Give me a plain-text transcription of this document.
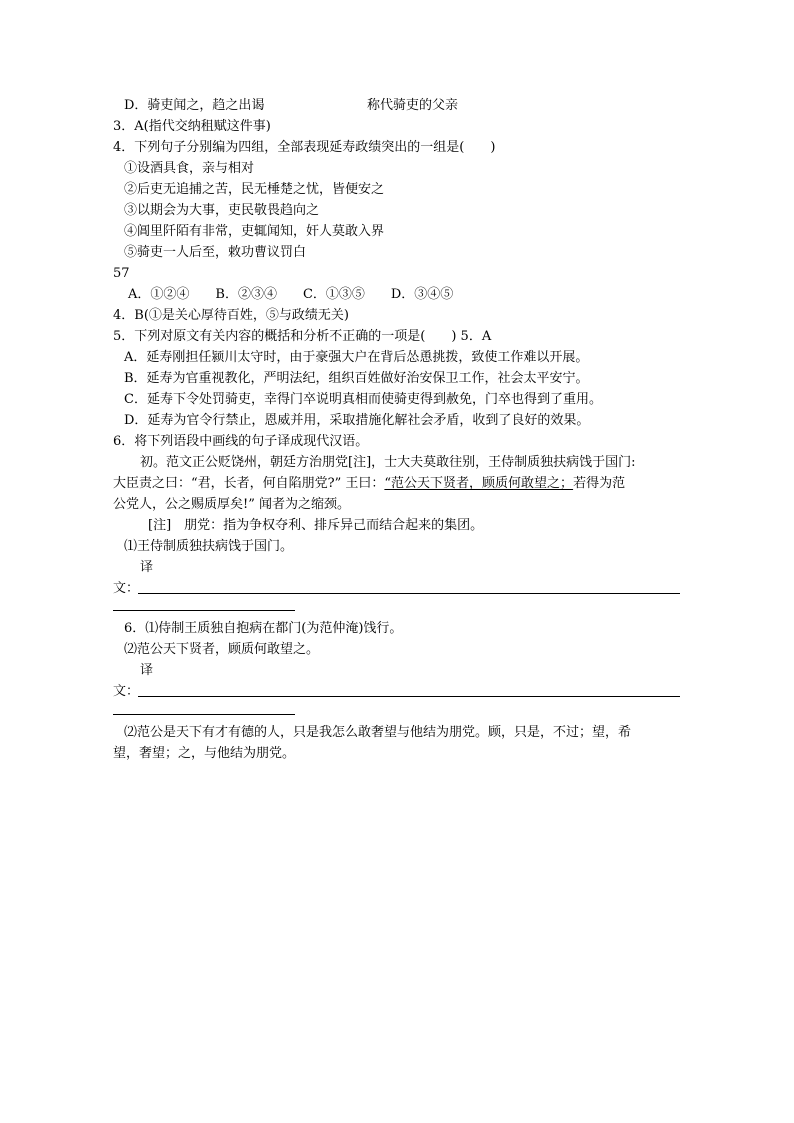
D．骑吏闻之，趋之出谒	称代骑吏的父亲
3．A(指代交纳租赋这件事)
4．下列句子分别编为四组，全部表现延寿政绩突出的一组是(　　)
①设酒具食，亲与相对
②后吏无追捕之苦，民无棰楚之忧，皆便安之
③以期会为大事，吏民敬畏趋向之
④阊里阡陌有非常，吏辄闻知，奸人莫敢入界
⑤骑吏一人后至，敕功曹议罚白
57
A．①②④　　B．②③④　　C．①③⑤　　D．③④⑤
4．B(①是关心厚待百姓，⑤与政绩无关)
5．下列对原文有关内容的概括和分析不正确的一项是(　　) 5．A
A．延寿刚担任颍川太守时，由于豪强大户在背后怂恿挑拨，致使工作难以开展。
B．延寿为官重视教化，严明法纪，组织百姓做好治安保卫工作，社会太平安宁。
C．延寿下令处罚骑吏，幸得门卒说明真相而使骑吏得到赦免，门卒也得到了重用。
D．延寿为官令行禁止，恩威并用，采取措施化解社会矛盾，收到了良好的效果。
6．将下列语段中画线的句子译成现代汉语。
初。范文正公贬饶州，朝廷方治朋党[注]，士大夫莫敢往别，王侍制质独扶病饯于国门:
大臣责之曰：“君，长者，何自陷朋党?” 王曰：“范公天下贤者，顾质何敢望之；若得为范
公党人，公之赐质厚矣!” 闻者为之缩颈。
[注]　朋党：指为争权夺利、排斥异己而结合起来的集团。
⑴王侍制质独扶病饯于国门。
译
文：
6．⑴侍制王质独自抱病在都门(为范仲淹)饯行。
⑵范公天下贤者，顾质何敢望之。
译
文：
⑵范公是天下有才有德的人，只是我怎么敢奢望与他结为朋党。顾，只是，不过；望，希
望，奢望；之，与他结为朋党。
